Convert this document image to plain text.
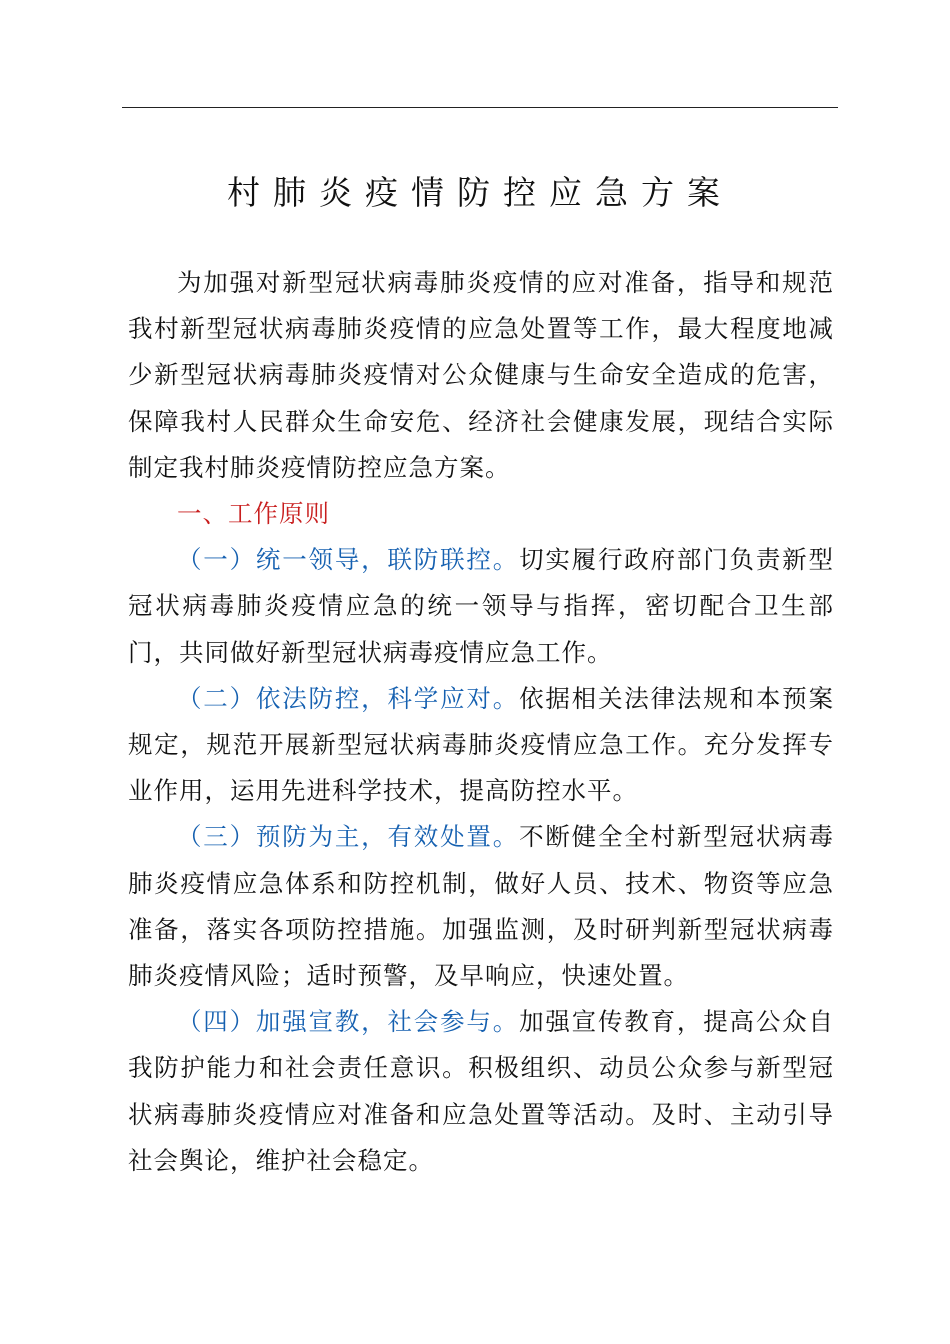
村肺炎疫情防控应急方案

为加强对新型冠状病毒肺炎疫情的应对准备，指导和规范我村新型冠状病毒肺炎疫情的应急处置等工作，最大程度地减少新型冠状病毒肺炎疫情对公众健康与生命安全造成的危害，保障我村人民群众生命安危、经济社会健康发展，现结合实际制定我村肺炎疫情防控应急方案。

一、工作原则

（一）统一领导，联防联控。切实履行政府部门负责新型冠状病毒肺炎疫情应急的统一领导与指挥，密切配合卫生部门，共同做好新型冠状病毒疫情应急工作。

（二）依法防控，科学应对。依据相关法律法规和本预案规定，规范开展新型冠状病毒肺炎疫情应急工作。充分发挥专业作用，运用先进科学技术，提高防控水平。

（三）预防为主，有效处置。不断健全全村新型冠状病毒肺炎疫情应急体系和防控机制，做好人员、技术、物资等应急准备，落实各项防控措施。加强监测，及时研判新型冠状病毒肺炎疫情风险；适时预警，及早响应，快速处置。

（四）加强宣教，社会参与。加强宣传教育，提高公众自我防护能力和社会责任意识。积极组织、动员公众参与新型冠状病毒肺炎疫情应对准备和应急处置等活动。及时、主动引导社会舆论，维护社会稳定。
